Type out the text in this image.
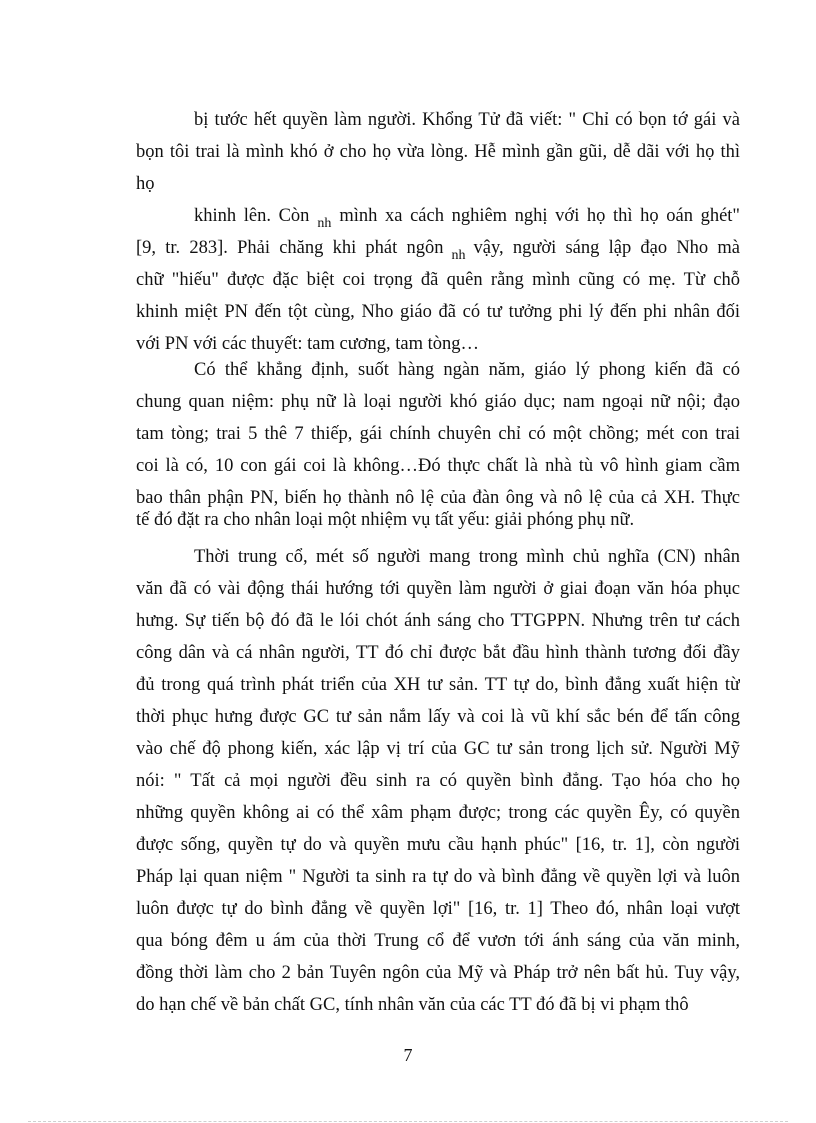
bị tước hết quyền làm người. Khổng Tử đã viết: " Chỉ có bọn tớ gái và
bọn tôi trai là mình khó ở cho họ vừa lòng. Hễ mình gần gũi, dễ dãi với họ thì
họ
khinh lên. Còn $_{nh}$ mình xa cách nghiêm nghị với họ thì họ oán ghét"
[9, tr. 283]. Phải chăng khi phát ngôn $_{nh}$ vậy, người sáng lập đạo Nho mà
chữ "hiếu" được đặc biệt coi trọng đã quên rằng mình cũng có mẹ. Từ chỗ
khinh miệt PN đến tột cùng, Nho giáo đã có tư tưởng phi lý đến phi nhân đối
với PN với các thuyết: tam cương, tam tòng…
Có thể khẳng định, suốt hàng ngàn năm, giáo lý phong kiến đã có
chung quan niệm: phụ nữ là loại người khó giáo dục; nam ngoại nữ nội; đạo
tam tòng; trai 5 thê 7 thiếp, gái chính chuyên chỉ có một chồng; mét con trai
coi là có, 10 con gái coi là không…Đó thực chất là nhà tù vô hình giam cầm
bao thân phận PN, biến họ thành nô lệ của đàn ông và nô lệ của cả XH. Thực
tế đó đặt ra cho nhân loại một nhiệm vụ tất yếu: giải phóng phụ nữ.
Thời trung cổ, mét số người mang trong mình chủ nghĩa (CN) nhân
văn đã có vài động thái hướng tới quyền làm người ở giai đoạn văn hóa phục
hưng. Sự tiến bộ đó đã le lói chót ánh sáng cho TTGPPN. Nhưng trên tư cách
công dân và cá nhân người, TT đó chỉ được bắt đầu hình thành tương đối đầy
đủ trong quá trình phát triển của XH tư sản. TT tự do, bình đẳng xuất hiện từ
thời phục hưng được GC tư sản nắm lấy và coi là vũ khí sắc bén để tấn công
vào chế độ phong kiến, xác lập vị trí của GC tư sản trong lịch sử. Người Mỹ
nói: " Tất cả mọi người đều sinh ra có quyền bình đẳng. Tạo hóa cho họ
những quyền không ai có thể xâm phạm được; trong các quyền Êy, có quyền
được sống, quyền tự do và quyền mưu cầu hạnh phúc" [16, tr. 1], còn người
Pháp lại quan niệm " Người ta sinh ra tự do và bình đẳng về quyền lợi và luôn
luôn được tự do bình đẳng về quyền lợi" [16, tr. 1] Theo đó, nhân loại vượt
qua bóng đêm u ám của thời Trung cổ để vươn tới ánh sáng của văn minh,
đồng thời làm cho 2 bản Tuyên ngôn của Mỹ và Pháp trở nên bất hủ. Tuy vậy,
do hạn chế về bản chất GC, tính nhân văn của các TT đó đã bị vi phạm thô
7
